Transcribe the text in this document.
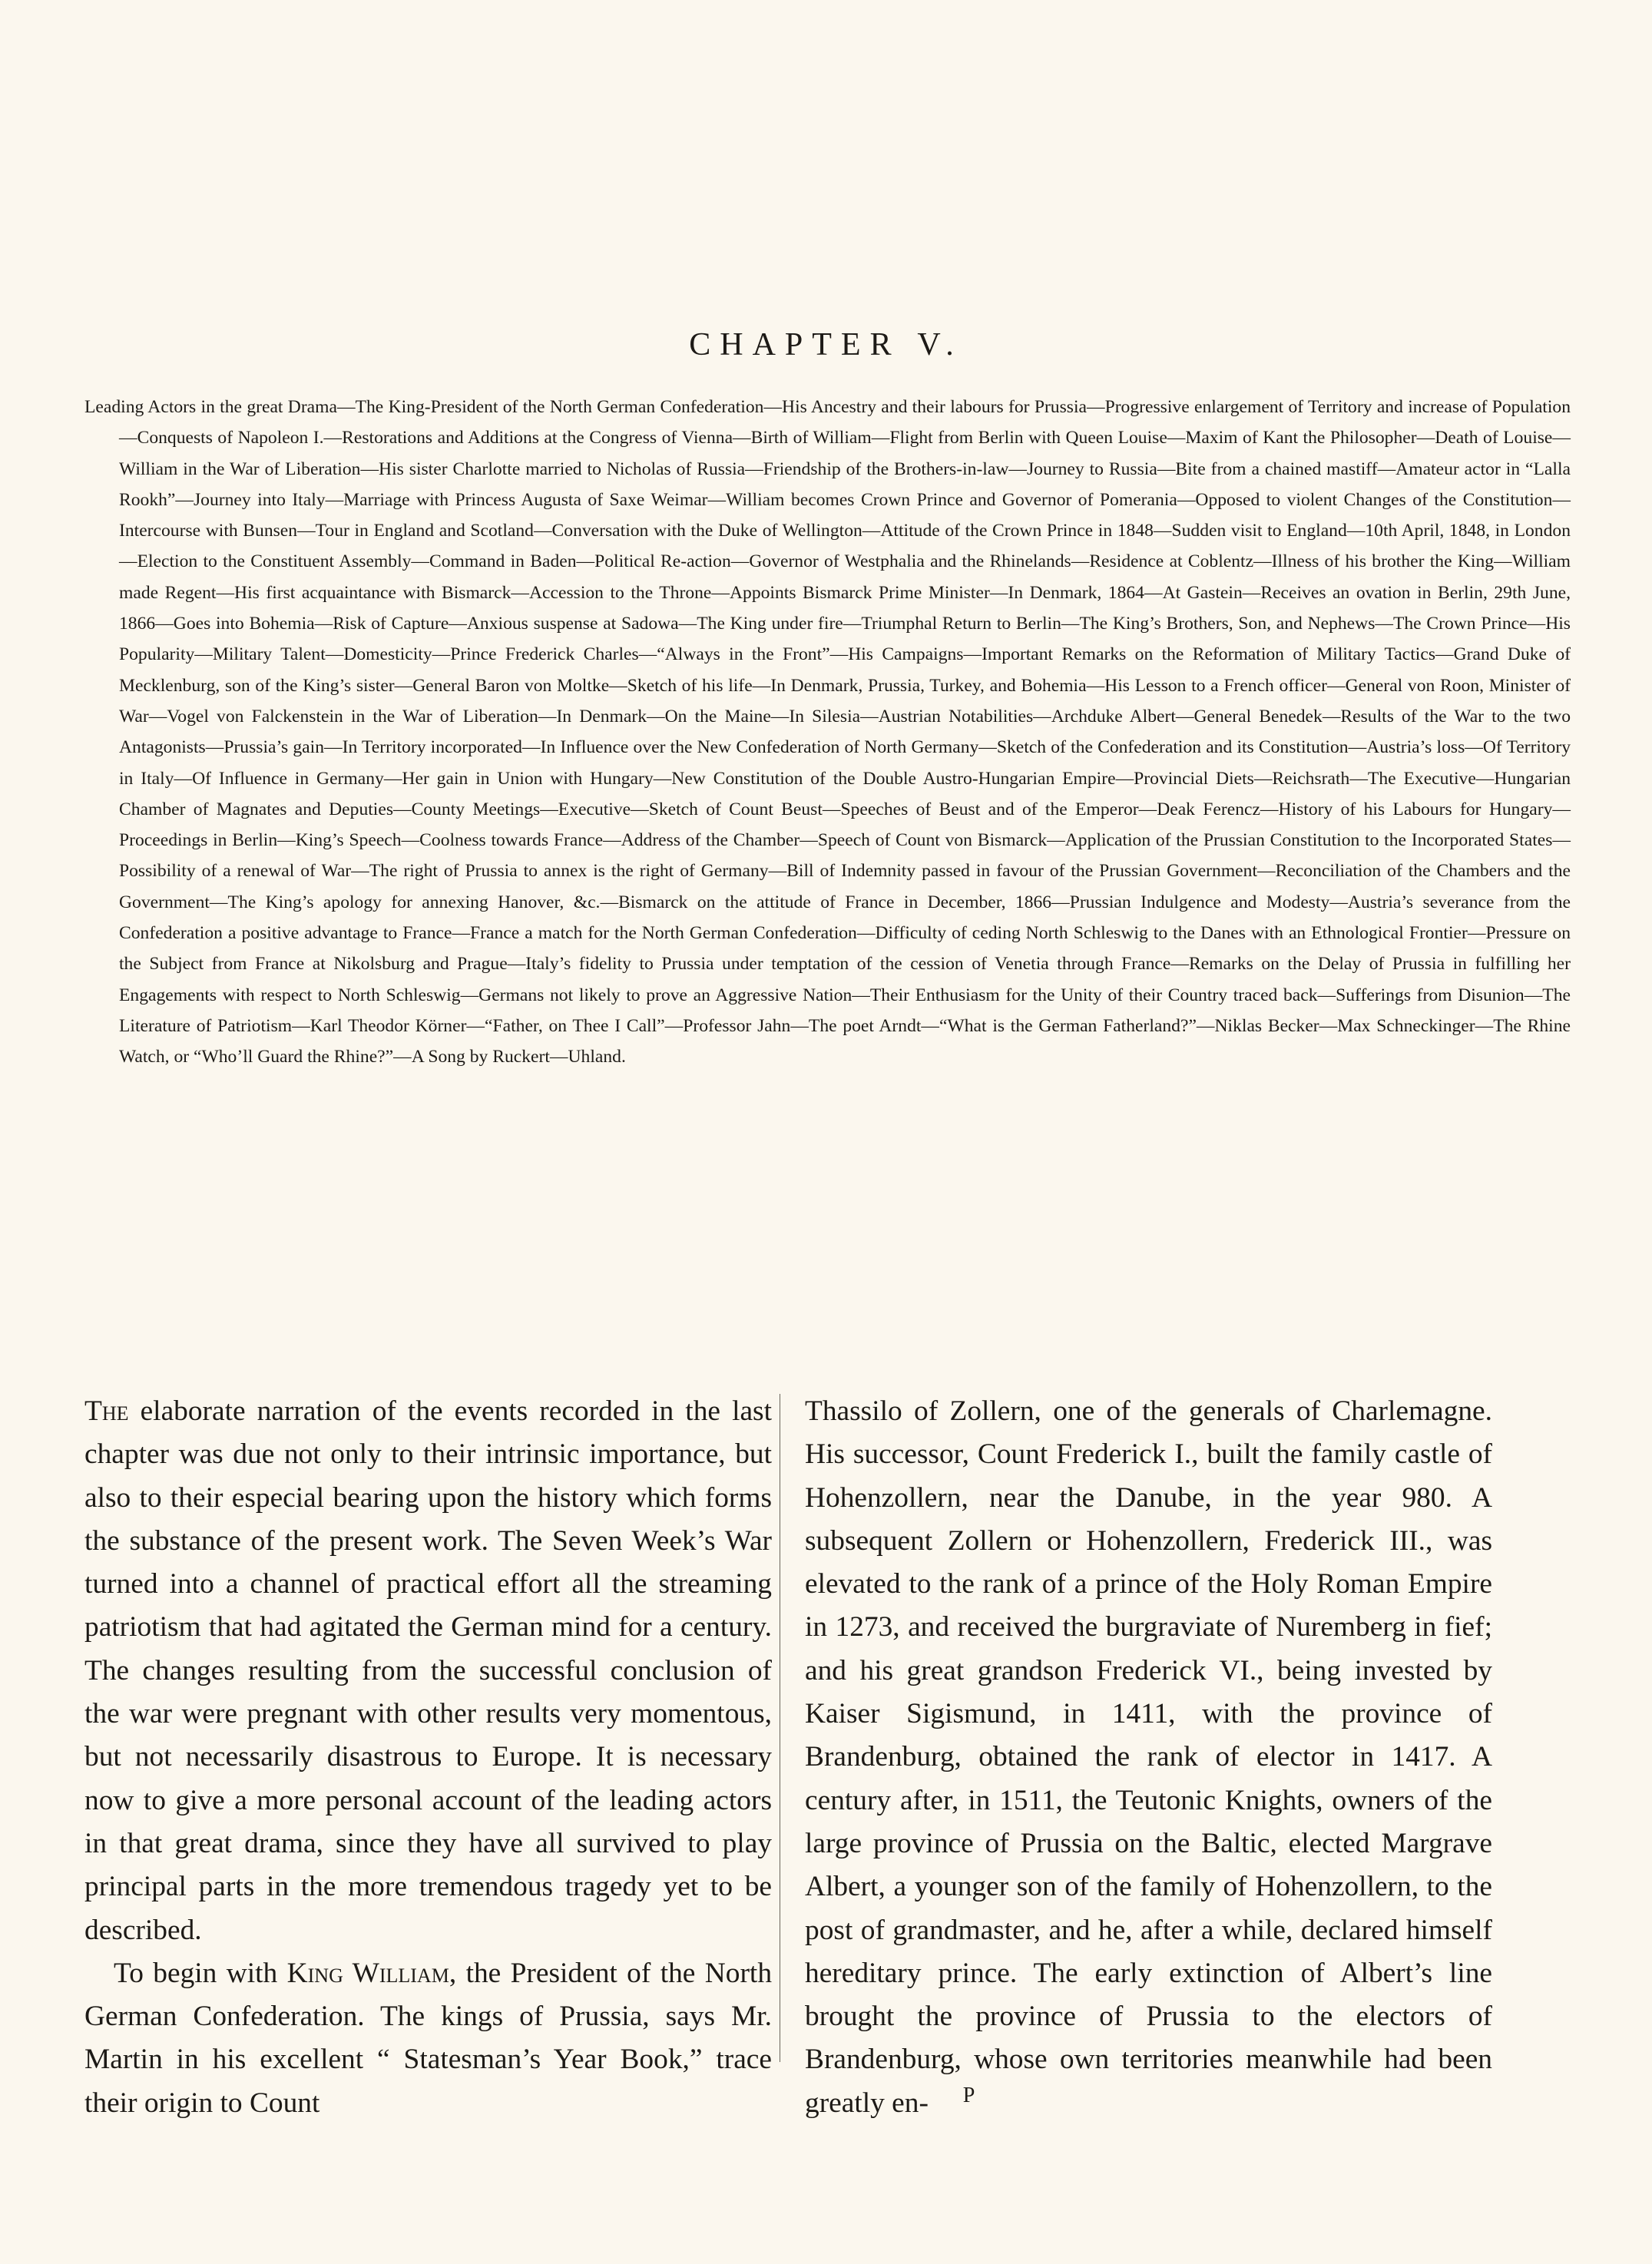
CHAPTER V.

Leading Actors in the great Drama—The King-President of the North German Confederation—His Ancestry and their labours for Prussia—Progressive enlargement of Territory and increase of Population—Conquests of Napoleon I.—Restorations and Additions at the Congress of Vienna—Birth of William—Flight from Berlin with Queen Louise—Maxim of Kant the Philosopher—Death of Louise—William in the War of Liberation—His sister Charlotte married to Nicholas of Russia—Friendship of the Brothers-in-law—Journey to Russia—Bite from a chained mastiff—Amateur actor in “Lalla Rookh”—Journey into Italy—Marriage with Princess Augusta of Saxe Weimar—William becomes Crown Prince and Governor of Pomerania—Opposed to violent Changes of the Constitution—Intercourse with Bunsen—Tour in England and Scotland—Conversation with the Duke of Wellington—Attitude of the Crown Prince in 1848—Sudden visit to England—10th April, 1848, in London—Election to the Constituent Assembly—Command in Baden—Political Re-action—Governor of Westphalia and the Rhinelands—Residence at Coblentz—Illness of his brother the King—William made Regent—His first acquaintance with Bismarck—Accession to the Throne—Appoints Bismarck Prime Minister—In Denmark, 1864—At Gastein—Receives an ovation in Berlin, 29th June, 1866—Goes into Bohemia—Risk of Capture—Anxious suspense at Sadowa—The King under fire—Triumphal Return to Berlin—The King’s Brothers, Son, and Nephews—The Crown Prince—His Popularity—Military Talent—Domesticity—Prince Frederick Charles—“Always in the Front”—His Campaigns—Important Remarks on the Reformation of Military Tactics—Grand Duke of Mecklenburg, son of the King’s sister—General Baron von Moltke—Sketch of his life—In Denmark, Prussia, Turkey, and Bohemia—His Lesson to a French officer—General von Roon, Minister of War—Vogel von Falckenstein in the War of Liberation—In Denmark—On the Maine—In Silesia—Austrian Notabilities—Archduke Albert—General Benedek—Results of the War to the two Antagonists—Prussia’s gain—In Territory incorporated—In Influence over the New Confederation of North Germany—Sketch of the Confederation and its Constitution—Austria’s loss—Of Territory in Italy—Of Influence in Germany—Her gain in Union with Hungary—New Constitution of the Double Austro-Hungarian Empire—Provincial Diets—Reichsrath—The Executive—Hungarian Chamber of Magnates and Deputies—County Meetings—Executive—Sketch of Count Beust—Speeches of Beust and of the Emperor—Deak Ferencz—History of his Labours for Hungary—Proceedings in Berlin—King’s Speech—Coolness towards France—Address of the Chamber—Speech of Count von Bismarck—Application of the Prussian Constitution to the Incorporated States—Possibility of a renewal of War—The right of Prussia to annex is the right of Germany—Bill of Indemnity passed in favour of the Prussian Government—Reconciliation of the Chambers and the Government—The King’s apology for annexing Hanover, &c.—Bismarck on the attitude of France in December, 1866—Prussian Indulgence and Modesty—Austria’s severance from the Confederation a positive advantage to France—France a match for the North German Confederation—Difficulty of ceding North Schleswig to the Danes with an Ethnological Frontier—Pressure on the Subject from France at Nikolsburg and Prague—Italy’s fidelity to Prussia under temptation of the cession of Venetia through France—Remarks on the Delay of Prussia in fulfilling her Engagements with respect to North Schleswig—Germans not likely to prove an Aggressive Nation—Their Enthusiasm for the Unity of their Country traced back—Sufferings from Disunion—The Literature of Patriotism—Karl Theodor Körner—“Father, on Thee I Call”—Professor Jahn—The poet Arndt—“What is the German Fatherland?”—Niklas Becker—Max Schneckinger—The Rhine Watch, or “Who’ll Guard the Rhine?”—A Song by Ruckert—Uhland.

The elaborate narration of the events recorded in the last chapter was due not only to their intrinsic importance, but also to their especial bearing upon the history which forms the substance of the present work. The Seven Week’s War turned into a channel of practical effort all the streaming patriotism that had agitated the German mind for a century. The changes resulting from the successful conclusion of the war were pregnant with other results very momentous, but not necessarily disastrous to Europe. It is necessary now to give a more personal account of the leading actors in that great drama, since they have all survived to play principal parts in the more tremendous tragedy yet to be described.

To begin with King William, the President of the North German Confederation. The kings of Prussia, says Mr. Martin in his excellent “ Statesman’s Year Book,” trace their origin to Count

Thassilo of Zollern, one of the generals of Charlemagne. His successor, Count Frederick I., built the family castle of Hohenzollern, near the Danube, in the year 980. A subsequent Zollern or Hohenzollern, Frederick III., was elevated to the rank of a prince of the Holy Roman Empire in 1273, and received the burgraviate of Nuremberg in fief; and his great grandson Frederick VI., being invested by Kaiser Sigismund, in 1411, with the province of Brandenburg, obtained the rank of elector in 1417. A century after, in 1511, the Teutonic Knights, owners of the large province of Prussia on the Baltic, elected Margrave Albert, a younger son of the family of Hohenzollern, to the post of grandmaster, and he, after a while, declared himself hereditary prince. The early extinction of Albert’s line brought the province of Prussia to the electors of Brandenburg, whose own territories meanwhile had been greatly en-	P
